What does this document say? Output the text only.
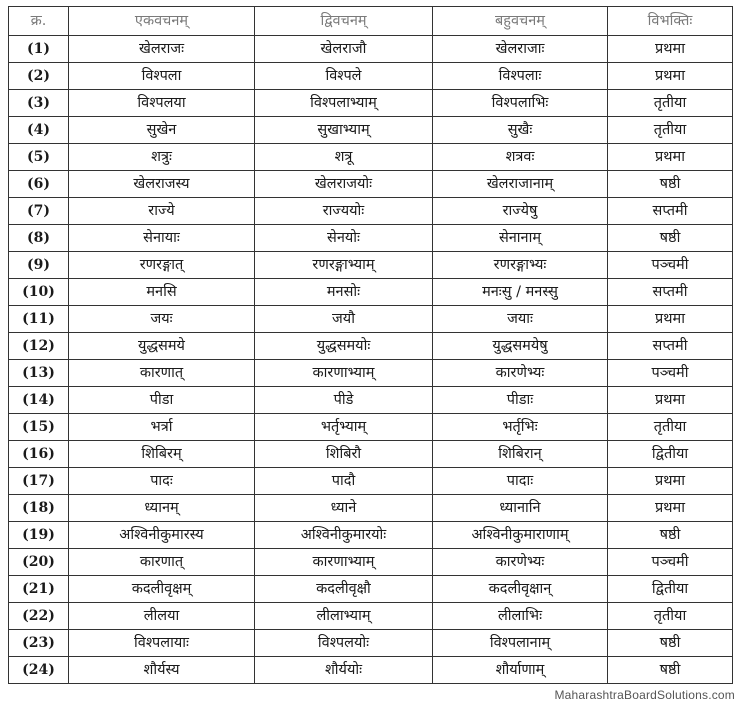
क्र.	एकवचनम्	द्विवचनम्	बहुवचनम्	विभक्तिः
(1)	खेलराजः	खेलराजौ	खेलराजाः	प्रथमा
(2)	विश्पला	विश्पले	विश्पलाः	प्रथमा
(3)	विश्पलया	विश्पलाभ्याम्	विश्पलाभिः	तृतीया
(4)	सुखेन	सुखाभ्याम्	सुखैः	तृतीया
(5)	शत्रुः	शत्रू	शत्रवः	प्रथमा
(6)	खेलराजस्य	खेलराजयोः	खेलराजानाम्	षष्ठी
(7)	राज्ये	राज्ययोः	राज्येषु	सप्तमी
(8)	सेनायाः	सेनयोः	सेनानाम्	षष्ठी
(9)	रणरङ्गात्	रणरङ्गाभ्याम्	रणरङ्गाभ्यः	पञ्चमी
(10)	मनसि	मनसोः	मनःसु / मनस्सु	सप्तमी
(11)	जयः	जयौ	जयाः	प्रथमा
(12)	युद्धसमये	युद्धसमयोः	युद्धसमयेषु	सप्तमी
(13)	कारणात्	कारणाभ्याम्	कारणेभ्यः	पञ्चमी
(14)	पीडा	पीडे	पीडाः	प्रथमा
(15)	भर्त्रा	भर्तृभ्याम्	भर्तृभिः	तृतीया
(16)	शिबिरम्	शिबिरौ	शिबिरान्	द्वितीया
(17)	पादः	पादौ	पादाः	प्रथमा
(18)	ध्यानम्	ध्याने	ध्यानानि	प्रथमा
(19)	अश्विनीकुमारस्य	अश्विनीकुमारयोः	अश्विनीकुमाराणाम्	षष्ठी
(20)	कारणात्	कारणाभ्याम्	कारणेभ्यः	पञ्चमी
(21)	कदलीवृक्षम्	कदलीवृक्षौ	कदलीवृक्षान्	द्वितीया
(22)	लीलया	लीलाभ्याम्	लीलाभिः	तृतीया
(23)	विश्पलायाः	विश्पलयोः	विश्पलानाम्	षष्ठी
(24)	शौर्यस्य	शौर्ययोः	शौर्याणाम्	षष्ठी
MaharashtraBoardSolutions.com
